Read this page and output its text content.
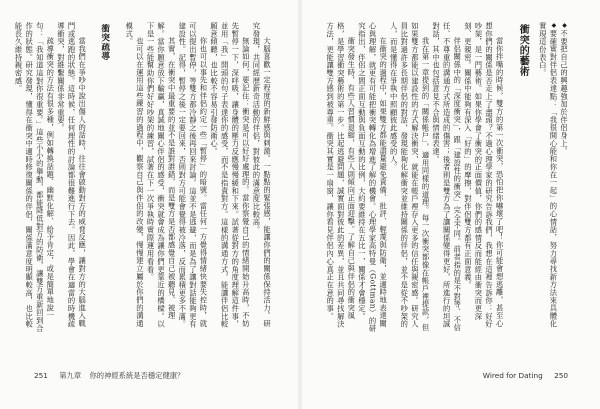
大腦喜歡一定程度的新鮮感與刺激。一點點的緊張感，能讓你們的關係保持活力。研究發現，共同經歷新奇活動的伴侶，對彼此的滿意度比較高。

無論如何，要記住：衝突是可以好好處理的。當你察覺自己的情緒開始升高時，不妨先暫停一下，深呼吸，讓身體的壓力反應慢慢緩和下來。試著從對方的角度理解這件事，並用「我」開頭的句子表達你的感受，而不是指責對方。這樣的溝通方式，能讓伴侶比較願意傾聽，也比較不容易引發防衛心。

你也可以事先和伴侶約定一些「暫停」的暗號。當任何一方覺得情緒快要失控時，就可以提出暫停，等雙方都冷靜之後再回來討論。這並不是逃避，而是為了讓對話能夠更有建設性。記得，暫停之後一定要回來，否則對方可能會覺得被冷落，反而累積更多不滿。

其實，在衝突中最重要的並不是誰對誰錯，而是雙方是否都感覺自己被聽見、被理解。當你願意放下輸贏，真誠地關心伴侶的感受，衝突就會成為讓你們更靠近的橋樑。以下是一些能幫助你們好好吵架的練習，試著在下一次爭執時實際運用看看。

也可以在運用這些練習的過程中，觀察自己與伴侶的改變，慢慢建立屬於你們的溝通模式。

衝突疏導

當我們在爭吵中說出傷人的話時，往往會啟動對方的威脅反應，讓對方的大腦進入戰鬥或逃跑的狀態。這時候，任何理性的討論都很難進行下去。因此，學會在適當的時機疏導衝突，對維繫關係非常重要。

疏導衝突的方法有很多種，例如轉換話題、幽默化解、給予肯定，或是簡單地說一句：「我知道這對你很重要。」這些小小的舉動，都能降低對方的防衛，讓雙方重新回到合作的狀態。研究發現，懂得在衝突中適時修復關係的伴侶，關係滿意度明顯較高，也比較能長久維持親密感。

251 第九章 你的神經系統是否穩定健康？

◆不要把自己的興趣強加於伴侶身上。

◆要確實對伴侶表達點：「我很開心能和你在一起」的心情話，努力尋找新方法來具體化實現這份表白。

衝突的藝術

當你拌嘴的時候，雙方的第一次衝突，恐怕把你嚇壞了吧！你可能會想逃離，甚至心想你們的關係是否走上了盡頭？不過心理學家的研究告訴我們，我想在這裡告訴你：好好吵架，是一門藝術。如果你學會了衝突的正面價值，你們的感情反而能經由衝突而更深刻、更親密。關係中能夠有深入「好的」的摩擦，對伴侶雙方都有正面意義。

伴侶關係中的「深度衝突」，跟「建設性的衝突」完全不同。前者指的是不對等、不信任、不尊重的溝通方式所造成的傷害；後者則是雙方為了讓關係變得更好，所進行的坦誠對話，其中也包括意見不合與情緒表達。

我在第一章提到的「關係帳戶」，適用同樣的道理。每一次衝突都像在帳戶裡提款，但如果雙方都能以建設性的方式解決衝突，就能在帳戶裡存入更多的信任與親密感。研究人員比對過許多長期伴侶的對話，發現能夠化解衝突並維持關係的伴侶，並不是從不吵架的人，而是懂得在爭執中照顧彼此感受的人。

在衝突的過程中，如果雙方都能盡量避免責備、批評、輕蔑與防衛，並適時地表達關心與理解，就更有可能把衝突轉化為增進了解的機會。心理學家高特曼（Gottman）的研究指出，伴侶之間正面互動與負面互動的比例，大約要維持在五比一，關係才會穩定。

衝突發生時，有些人習慣退縮，有些人則傾向正面迎擊。了解自己與伴侶的衝突風格，是學習衝突藝術的第一步。比起逃避問題，誠實面對彼此的差異，並且共同尋找解決方法，更能讓雙方感到被尊重。衝突其實是一扇窗，讓你看見伴侶內心真正在意的事。

Wired for Dating 250
